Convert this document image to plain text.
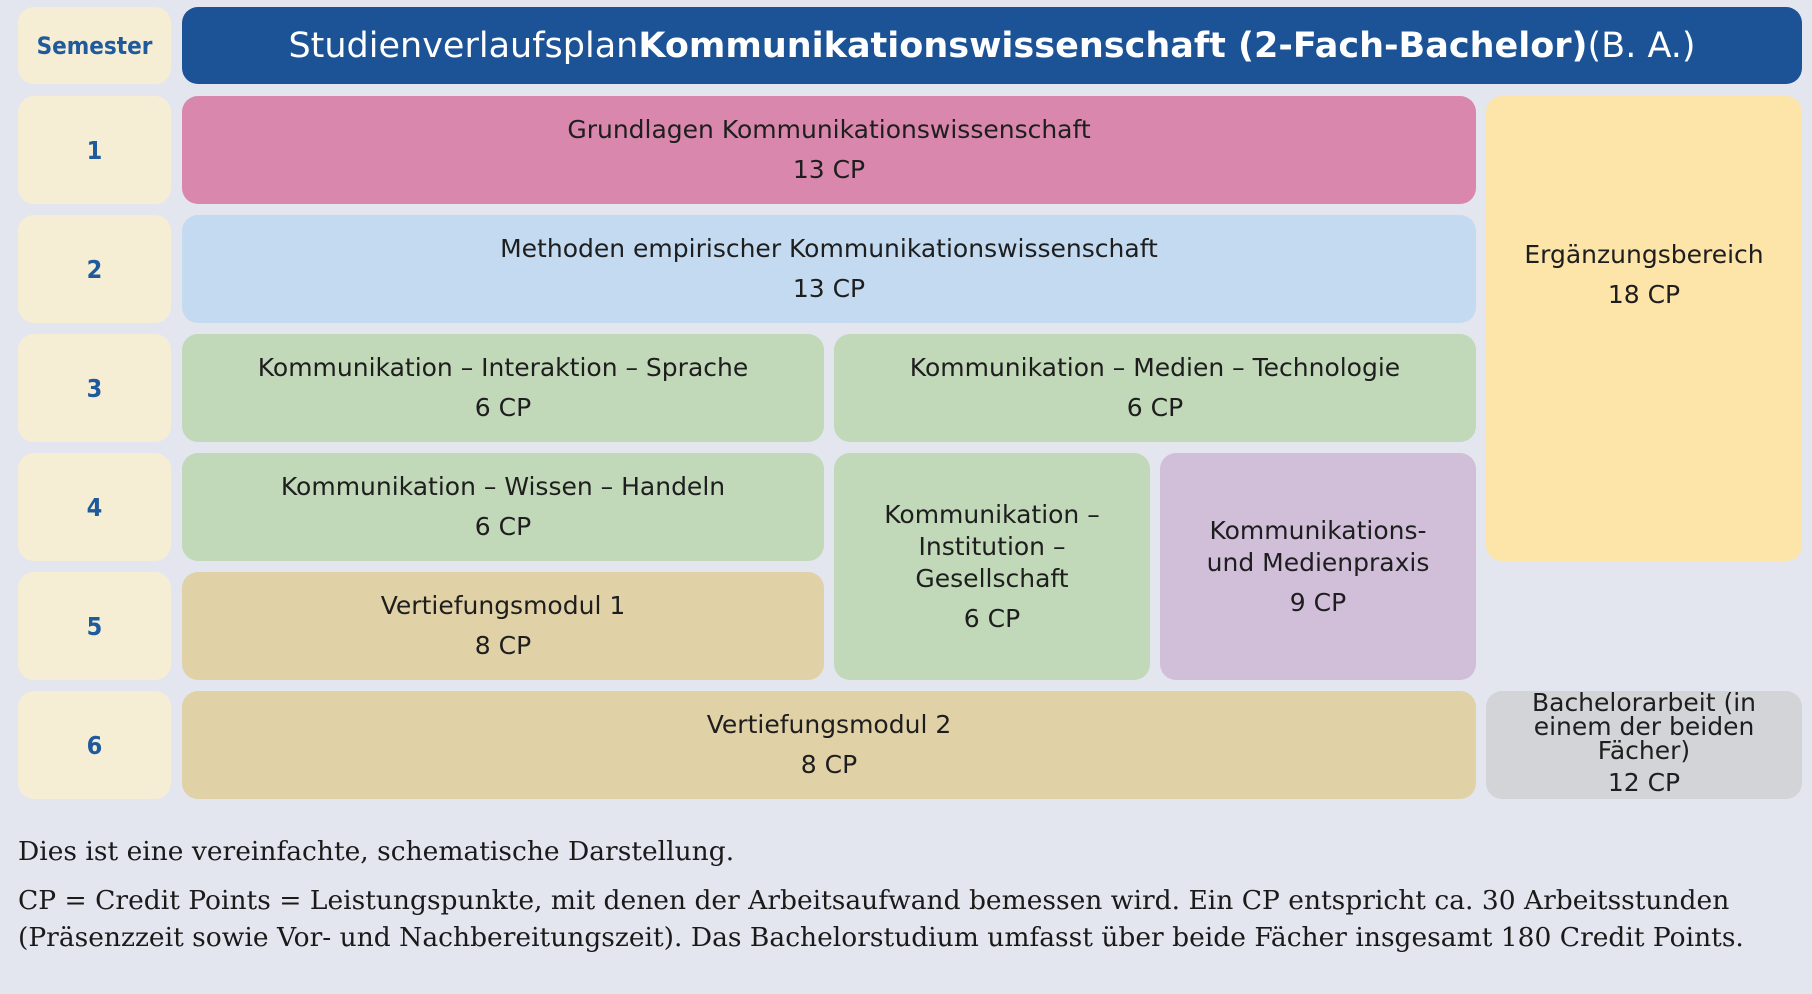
Semester	Studienverlaufsplan Kommunikationswissenschaft (2-Fach-Bachelor) (B. A.)
1
2
3
4
5
6
Grundlagen Kommunikationswissenschaft
13 CP
Methoden empirischer Kommunikationswissenschaft
13 CP
Kommunikation – Interaktion – Sprache
6 CP
Kommunikation – Medien – Technologie
6 CP
Kommunikation – Wissen – Handeln
6 CP	Kommunikation –
Institution –
Gesellschaft
6 CP
Kommunikations-
und Medienpraxis
9 CP
Vertiefungsmodul 1
8 CP
Vertiefungsmodul 2
8 CP
Ergänzungsbereich
18 CP
Bachelorarbeit (in
einem der beiden Fächer)
12 CP
Dies ist eine vereinfachte, schematische Darstellung.
CP = Credit Points = Leistungspunkte, mit denen der Arbeitsaufwand bemessen wird. Ein CP entspricht ca. 30 Arbeitsstunden
(Präsenzzeit sowie Vor- und Nachbereitungszeit). Das Bachelorstudium umfasst über beide Fächer insgesamt 180 Credit Points.
